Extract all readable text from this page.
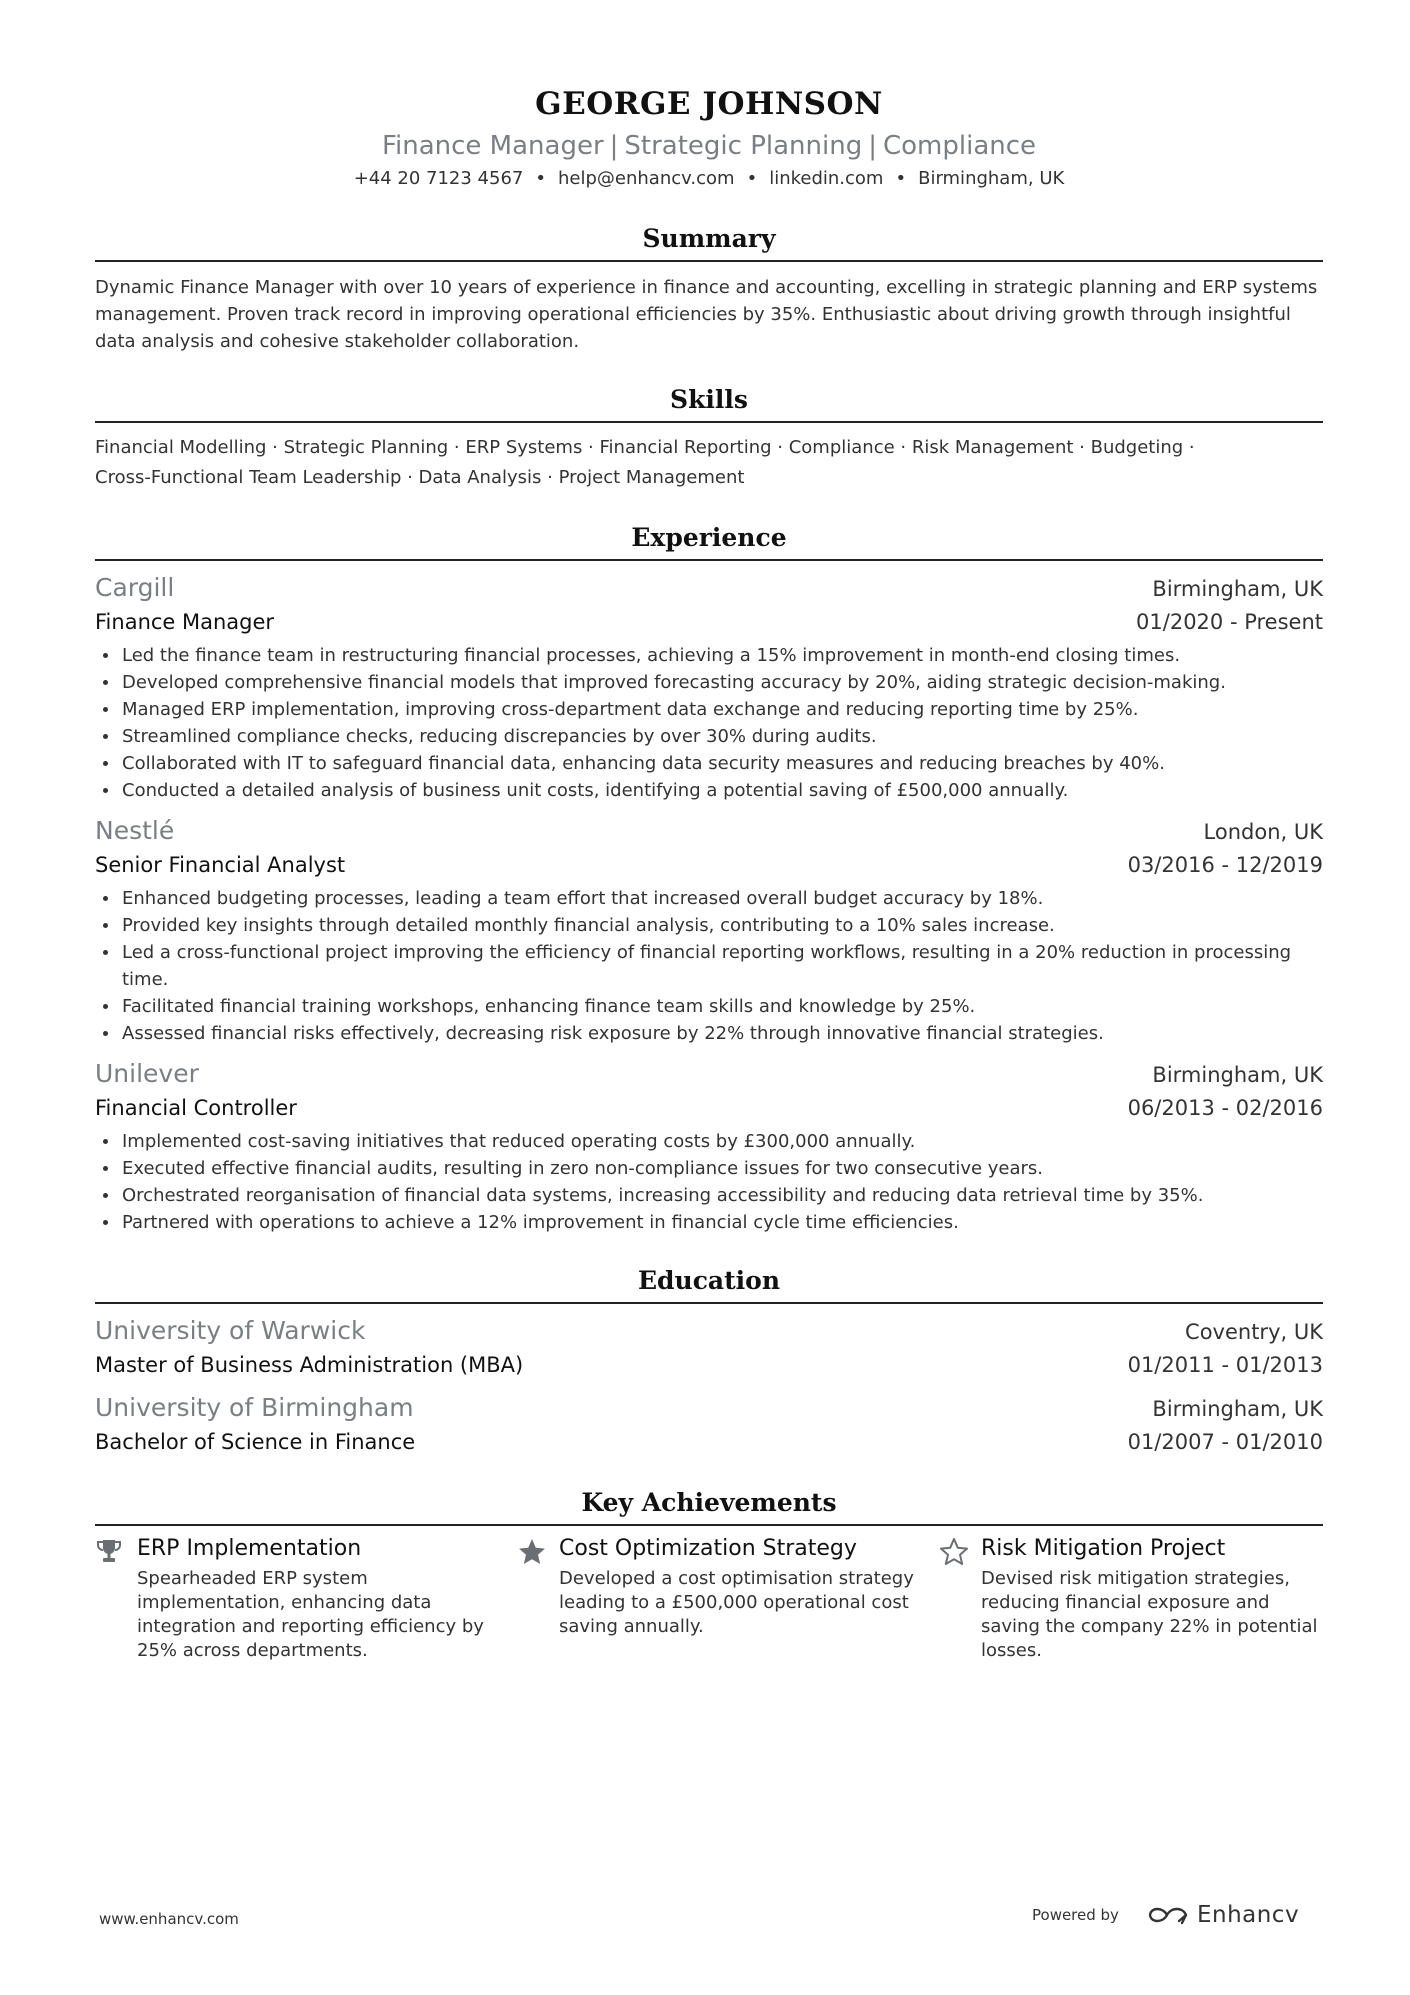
GEORGE JOHNSON
Finance Manager | Strategic Planning | Compliance
+44 20 7123 4567 • help@enhancv.com • linkedin.com • Birmingham, UK
Summary
Dynamic Finance Manager with over 10 years of experience in finance and accounting, excelling in strategic planning and ERP systems management. Proven track record in improving operational efficiencies by 35%. Enthusiastic about driving growth through insightful data analysis and cohesive stakeholder collaboration.
Skills
Financial Modelling · Strategic Planning · ERP Systems · Financial Reporting · Compliance · Risk Management · Budgeting ·
Cross-Functional Team Leadership · Data Analysis · Project Management
Experience
Cargill	Birmingham, UK
Finance Manager	01/2020 - Present
Led the finance team in restructuring financial processes, achieving a 15% improvement in month-end closing times.
Developed comprehensive financial models that improved forecasting accuracy by 20%, aiding strategic decision-making.
Managed ERP implementation, improving cross-department data exchange and reducing reporting time by 25%.
Streamlined compliance checks, reducing discrepancies by over 30% during audits.
Collaborated with IT to safeguard financial data, enhancing data security measures and reducing breaches by 40%.
Conducted a detailed analysis of business unit costs, identifying a potential saving of £500,000 annually.
Nestlé	London, UK
Senior Financial Analyst	03/2016 - 12/2019
Enhanced budgeting processes, leading a team effort that increased overall budget accuracy by 18%.
Provided key insights through detailed monthly financial analysis, contributing to a 10% sales increase.
Led a cross-functional project improving the efficiency of financial reporting workflows, resulting in a 20% reduction in processing time.
Facilitated financial training workshops, enhancing finance team skills and knowledge by 25%.
Assessed financial risks effectively, decreasing risk exposure by 22% through innovative financial strategies.
Unilever	Birmingham, UK
Financial Controller	06/2013 - 02/2016
Implemented cost-saving initiatives that reduced operating costs by £300,000 annually.
Executed effective financial audits, resulting in zero non-compliance issues for two consecutive years.
Orchestrated reorganisation of financial data systems, increasing accessibility and reducing data retrieval time by 35%.
Partnered with operations to achieve a 12% improvement in financial cycle time efficiencies.
Education
University of Warwick	Coventry, UK
Master of Business Administration (MBA)	01/2011 - 01/2013
University of Birmingham	Birmingham, UK
Bachelor of Science in Finance	01/2007 - 01/2010
Key Achievements
ERP Implementation
Spearheaded ERP system implementation, enhancing data integration and reporting efficiency by 25% across departments.
Cost Optimization Strategy
Developed a cost optimisation strategy leading to a £500,000 operational cost saving annually.
Risk Mitigation Project
Devised risk mitigation strategies, reducing financial exposure and saving the company 22% in potential losses.
www.enhancv.com	Powered by	Enhancv
